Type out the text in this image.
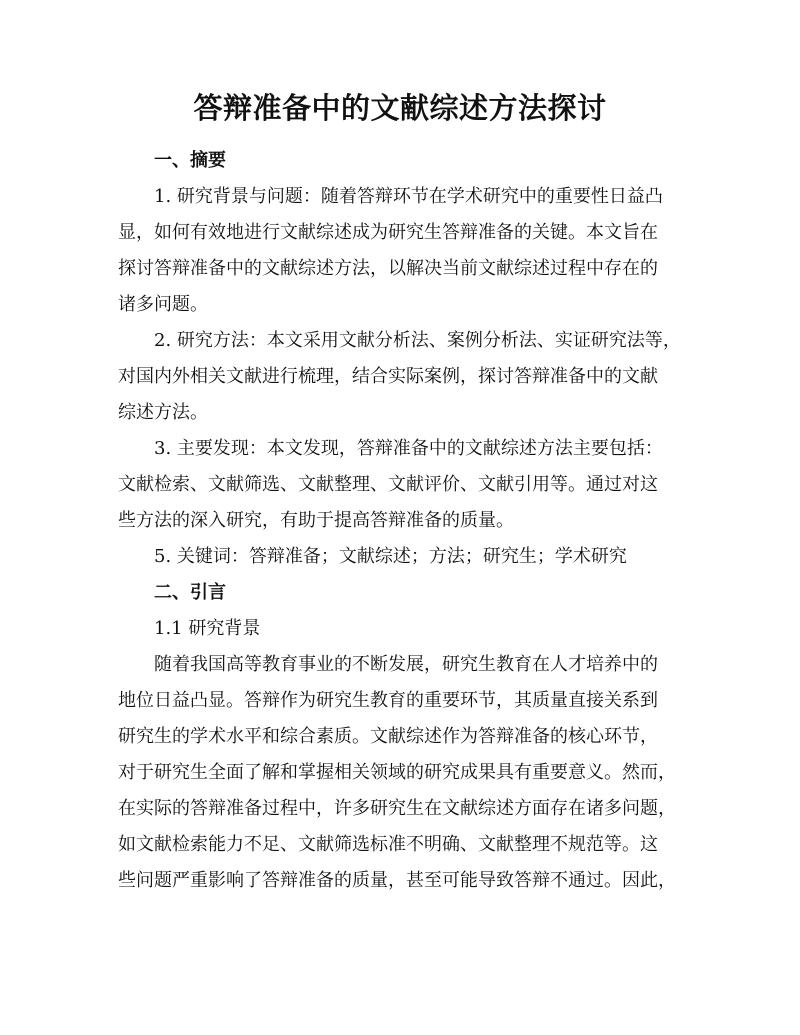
答辩准备中的文献综述方法探讨
一、摘要
1. 研究背景与问题：随着答辩环节在学术研究中的重要性日益凸
显，如何有效地进行文献综述成为研究生答辩准备的关键。本文旨在
探讨答辩准备中的文献综述方法，以解决当前文献综述过程中存在的
诸多问题。
2. 研究方法：本文采用文献分析法、案例分析法、实证研究法等，
对国内外相关文献进行梳理，结合实际案例，探讨答辩准备中的文献
综述方法。
3. 主要发现：本文发现，答辩准备中的文献综述方法主要包括：
文献检索、文献筛选、文献整理、文献评价、文献引用等。通过对这
些方法的深入研究，有助于提高答辩准备的质量。
5. 关键词：答辩准备；文献综述；方法；研究生；学术研究
二、引言
1.1 研究背景
随着我国高等教育事业的不断发展，研究生教育在人才培养中的
地位日益凸显。答辩作为研究生教育的重要环节，其质量直接关系到
研究生的学术水平和综合素质。文献综述作为答辩准备的核心环节，
对于研究生全面了解和掌握相关领域的研究成果具有重要意义。然而，
在实际的答辩准备过程中，许多研究生在文献综述方面存在诸多问题，
如文献检索能力不足、文献筛选标准不明确、文献整理不规范等。这
些问题严重影响了答辩准备的质量，甚至可能导致答辩不通过。因此，
